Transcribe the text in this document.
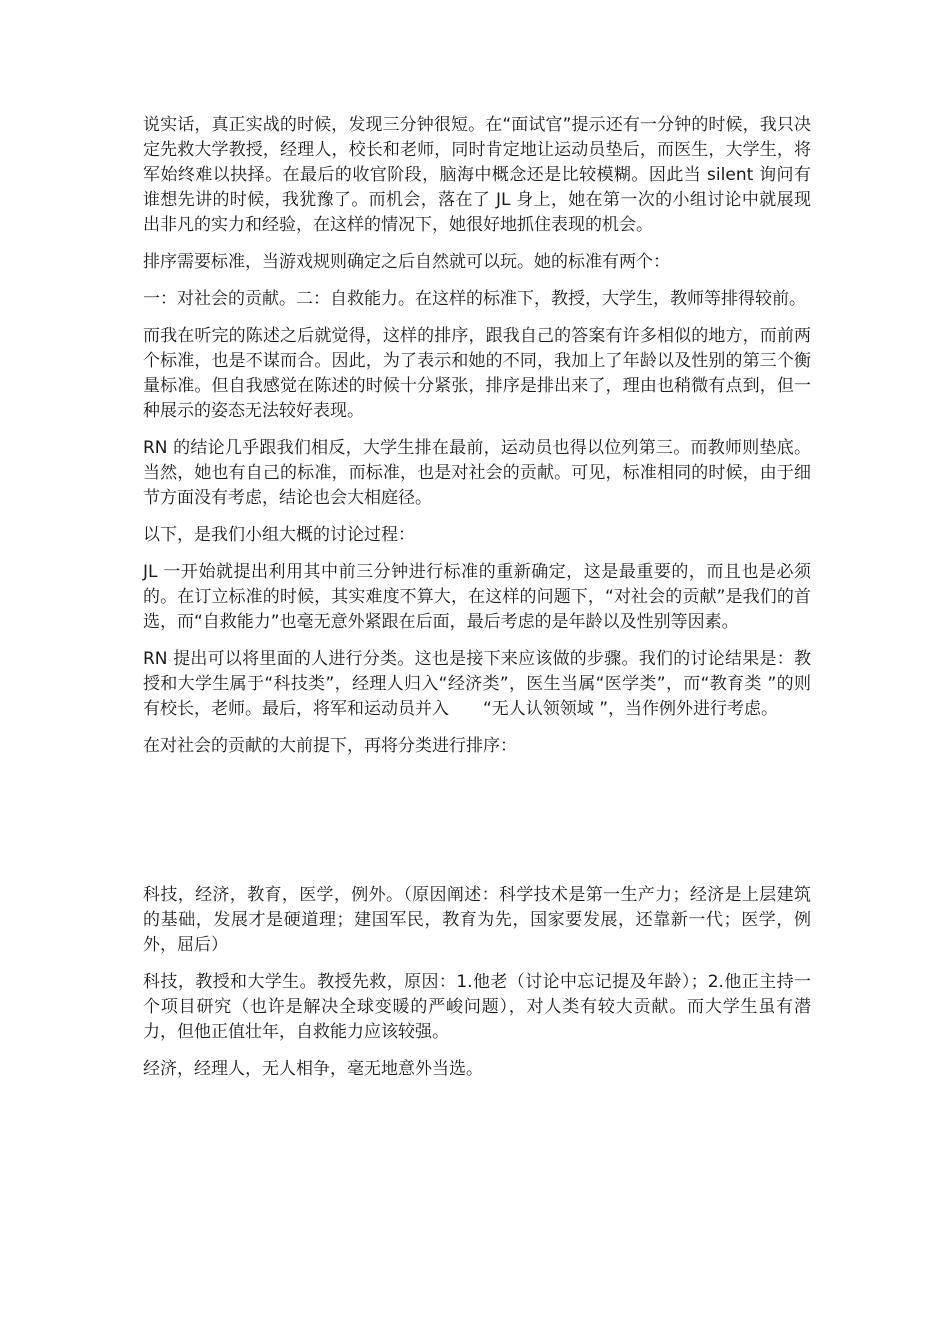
说实话，真正实战的时候，发现三分钟很短。在“面试官”提示还有一分钟的时候，我只决定先救大学教授，经理人，校长和老师，同时肯定地让运动员垫后，而医生，大学生，将军始终难以抉择。在最后的收官阶段，脑海中概念还是比较模糊。因此当 silent 询问有谁想先讲的时候，我犹豫了。而机会，落在了 JL 身上，她在第一次的小组讨论中就展现出非凡的实力和经验，在这样的情况下，她很好地抓住表现的机会。

排序需要标准，当游戏规则确定之后自然就可以玩。她的标准有两个：

一：对社会的贡献。二：自救能力。在这样的标准下，教授，大学生，教师等排得较前。

而我在听完的陈述之后就觉得，这样的排序，跟我自己的答案有许多相似的地方，而前两个标准，也是不谋而合。因此，为了表示和她的不同，我加上了年龄以及性别的第三个衡量标准。但自我感觉在陈述的时候十分紧张，排序是排出来了，理由也稍微有点到，但一种展示的姿态无法较好表现。

RN 的结论几乎跟我们相反，大学生排在最前，运动员也得以位列第三。而教师则垫底。当然，她也有自己的标准，而标准，也是对社会的贡献。可见，标准相同的时候，由于细节方面没有考虑，结论也会大相庭径。

以下，是我们小组大概的讨论过程：

JL 一开始就提出利用其中前三分钟进行标准的重新确定，这是最重要的，而且也是必须的。在订立标准的时候，其实难度不算大，在这样的问题下，“对社会的贡献”是我们的首选，而“自救能力”也毫无意外紧跟在后面，最后考虑的是年龄以及性别等因素。

RN 提出可以将里面的人进行分类。这也是接下来应该做的步骤。我们的讨论结果是：教授和大学生属于“科技类”，经理人归入“经济类”，医生当属“医学类”，而“教育类 ”的则有校长，老师。最后，将军和运动员并入　　“无人认领领域 ”，当作例外进行考虑。

在对社会的贡献的大前提下，再将分类进行排序：

科技，经济，教育，医学，例外。（原因阐述：科学技术是第一生产力；经济是上层建筑的基础，发展才是硬道理；建国军民，教育为先，国家要发展，还靠新一代；医学，例外，屈后）

科技，教授和大学生。教授先救，原因：1.他老（讨论中忘记提及年龄）；2.他正主持一个项目研究（也许是解决全球变暖的严峻问题），对人类有较大贡献。而大学生虽有潜力，但他正值壮年，自救能力应该较强。

经济，经理人，无人相争，毫无地意外当选。
